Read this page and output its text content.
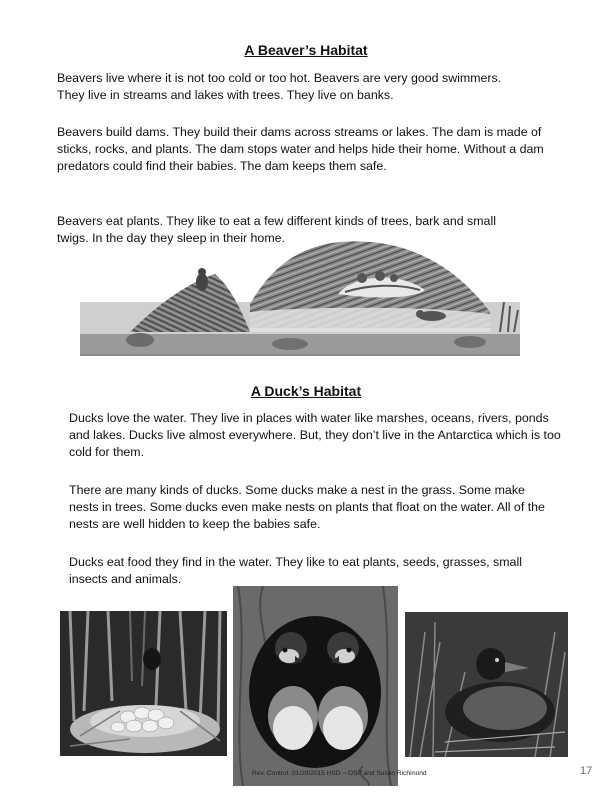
A Beaver’s Habitat

Beavers live where it is not too cold or too hot. Beavers are very good swimmers. They live in streams and lakes with trees. They live on banks.

Beavers build dams. They build their dams across streams or lakes. The dam is made of sticks, rocks, and plants. The dam stops water and helps hide their home. Without a dam predators could find their babies. The dam keeps them safe.

Beavers eat plants. They like to eat a few different kinds of trees, bark and small twigs. In the day they sleep in their home.

A Duck’s Habitat

Ducks love the water. They live in places with water like marshes, oceans, rivers, ponds and lakes. Ducks live almost everywhere. But, they don’t live in the Antarctica which is too cold for them.

There are many kinds of ducks. Some ducks make a nest in the grass. Some make nests in trees. Some ducks even make nests on plants that float on the water. All of the nests are well hidden to keep the babies safe.

Ducks eat food they find in the water. They like to eat plants, seeds, grasses, small insects and animals.

Rev. Control: 01/20/2015 HSD – OSP and Susan Richmond	17
